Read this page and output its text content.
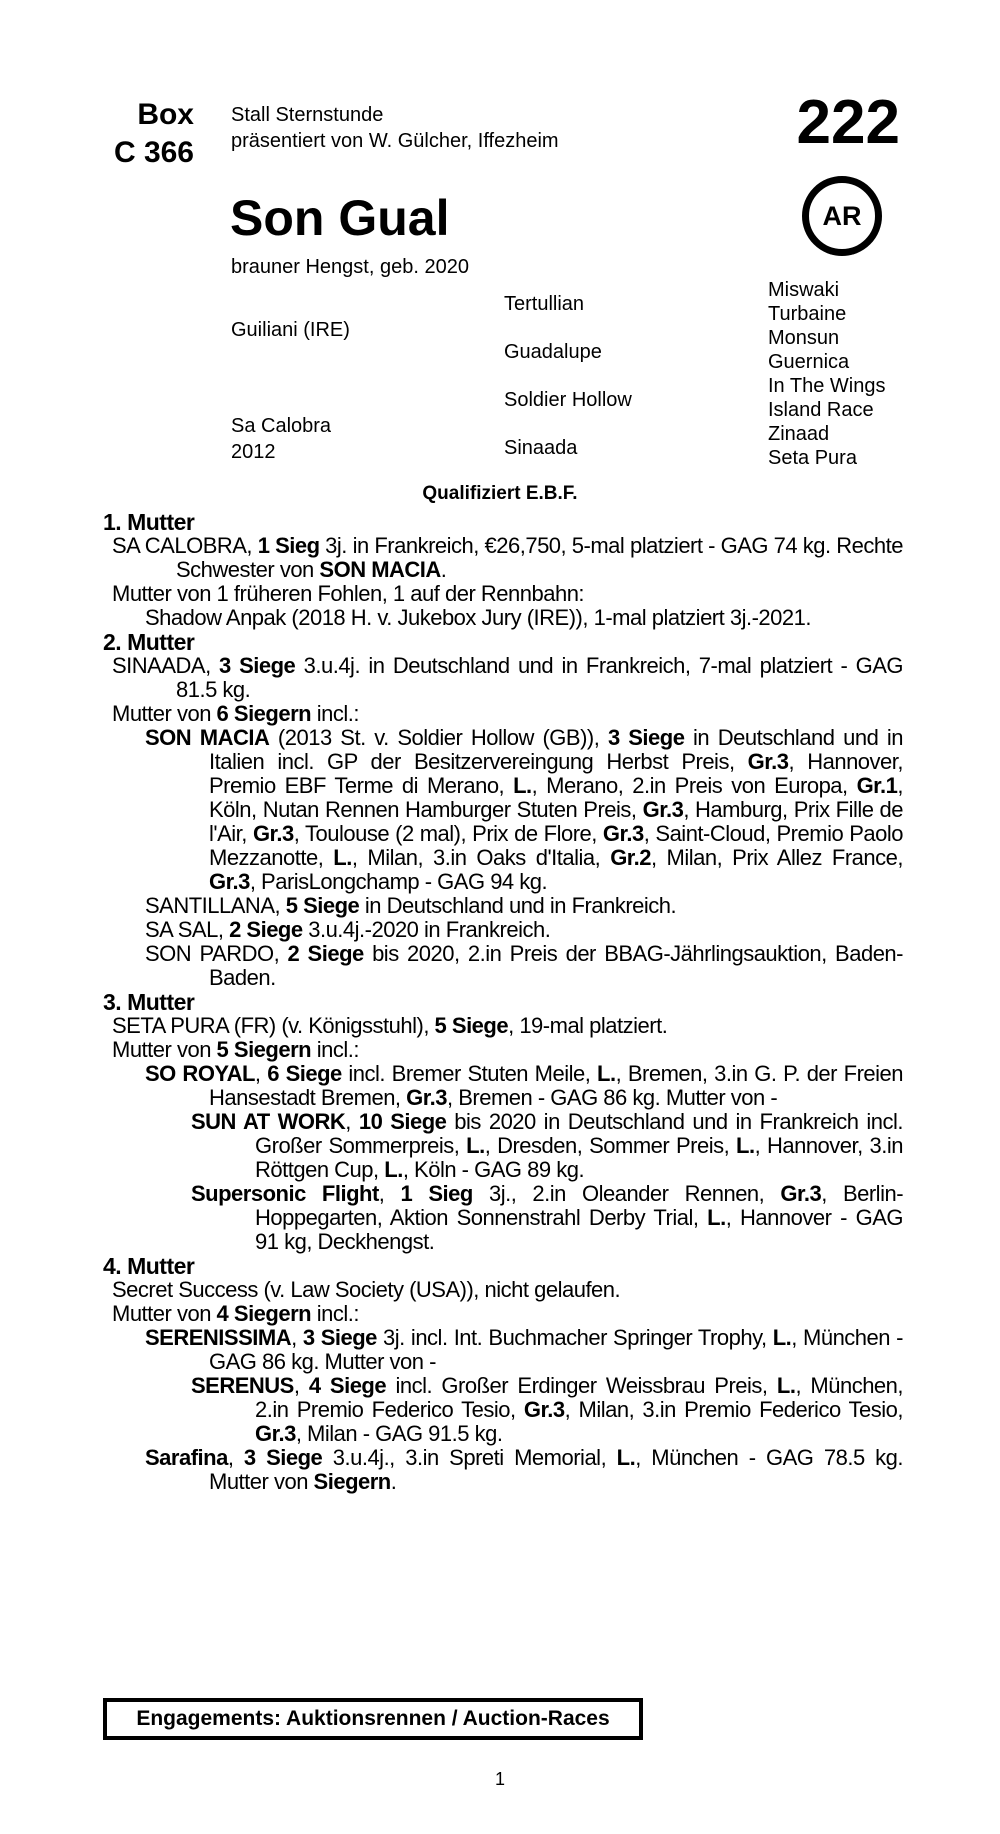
Box
C 366
Stall Sternstunde
präsentiert von W. Gülcher, Iffezheim	222
AR
Son Gual
brauner Hengst, geb. 2020
Guiliani (IRE)
Sa Calobra
2012
Tertullian
Guadalupe
Soldier Hollow
Sinaada
Miswaki
Turbaine
Monsun
Guernica
In The Wings
Island Race
Zinaad
Seta Pura
Qualifiziert E.B.F.
1. Mutter
SA CALOBRA, 1 Sieg 3j. in Frankreich, €26,750, 5-mal platziert - GAG 74 kg. Rechte Schwester von SON MACIA.
Mutter von 1 früheren Fohlen, 1 auf der Rennbahn:
Shadow Anpak (2018 H. v. Jukebox Jury (IRE)), 1-mal platziert 3j.-2021.
2. Mutter
SINAADA, 3 Siege 3.u.4j. in Deutschland und in Frankreich, 7-mal platziert - GAG 81.5 kg.
Mutter von 6 Siegern incl.:
SON MACIA (2013 St. v. Soldier Hollow (GB)), 3 Siege in Deutschland und in Italien incl. GP der Besitzervereingung Herbst Preis, Gr.3, Hannover, Premio EBF Terme di Merano, L., Merano, 2.in Preis von Europa, Gr.1, Köln, Nutan Rennen Hamburger Stuten Preis, Gr.3, Hamburg, Prix Fille de l'Air, Gr.3, Toulouse (2 mal), Prix de Flore, Gr.3, Saint-Cloud, Premio Paolo Mezzanotte, L., Milan, 3.in Oaks d'Italia, Gr.2, Milan, Prix Allez France, Gr.3, ParisLongchamp - GAG 94 kg.
SANTILLANA, 5 Siege in Deutschland und in Frankreich.
SA SAL, 2 Siege 3.u.4j.-2020 in Frankreich.
SON PARDO, 2 Siege bis 2020, 2.in Preis der BBAG-Jährlingsauktion, Baden-Baden.
3. Mutter
SETA PURA (FR) (v. Königsstuhl), 5 Siege, 19-mal platziert.
Mutter von 5 Siegern incl.:
SO ROYAL, 6 Siege incl. Bremer Stuten Meile, L., Bremen, 3.in G. P. der Freien Hansestadt Bremen, Gr.3, Bremen - GAG 86 kg. Mutter von -
SUN AT WORK, 10 Siege bis 2020 in Deutschland und in Frankreich incl. Großer Sommerpreis, L., Dresden, Sommer Preis, L., Hannover, 3.in Röttgen Cup, L., Köln - GAG 89 kg.
Supersonic Flight, 1 Sieg 3j., 2.in Oleander Rennen, Gr.3, Berlin-Hoppegarten, Aktion Sonnenstrahl Derby Trial, L., Hannover - GAG 91 kg, Deckhengst.
4. Mutter
Secret Success (v. Law Society (USA)), nicht gelaufen.
Mutter von 4 Siegern incl.:
SERENISSIMA, 3 Siege 3j. incl. Int. Buchmacher Springer Trophy, L., München - GAG 86 kg. Mutter von -
SERENUS, 4 Siege incl. Großer Erdinger Weissbrau Preis, L., München, 2.in Premio Federico Tesio, Gr.3, Milan, 3.in Premio Federico Tesio, Gr.3, Milan - GAG 91.5 kg.
Sarafina, 3 Siege 3.u.4j., 3.in Spreti Memorial, L., München - GAG 78.5 kg. Mutter von Siegern.
Engagements: Auktionsrennen / Auction-Races
1
